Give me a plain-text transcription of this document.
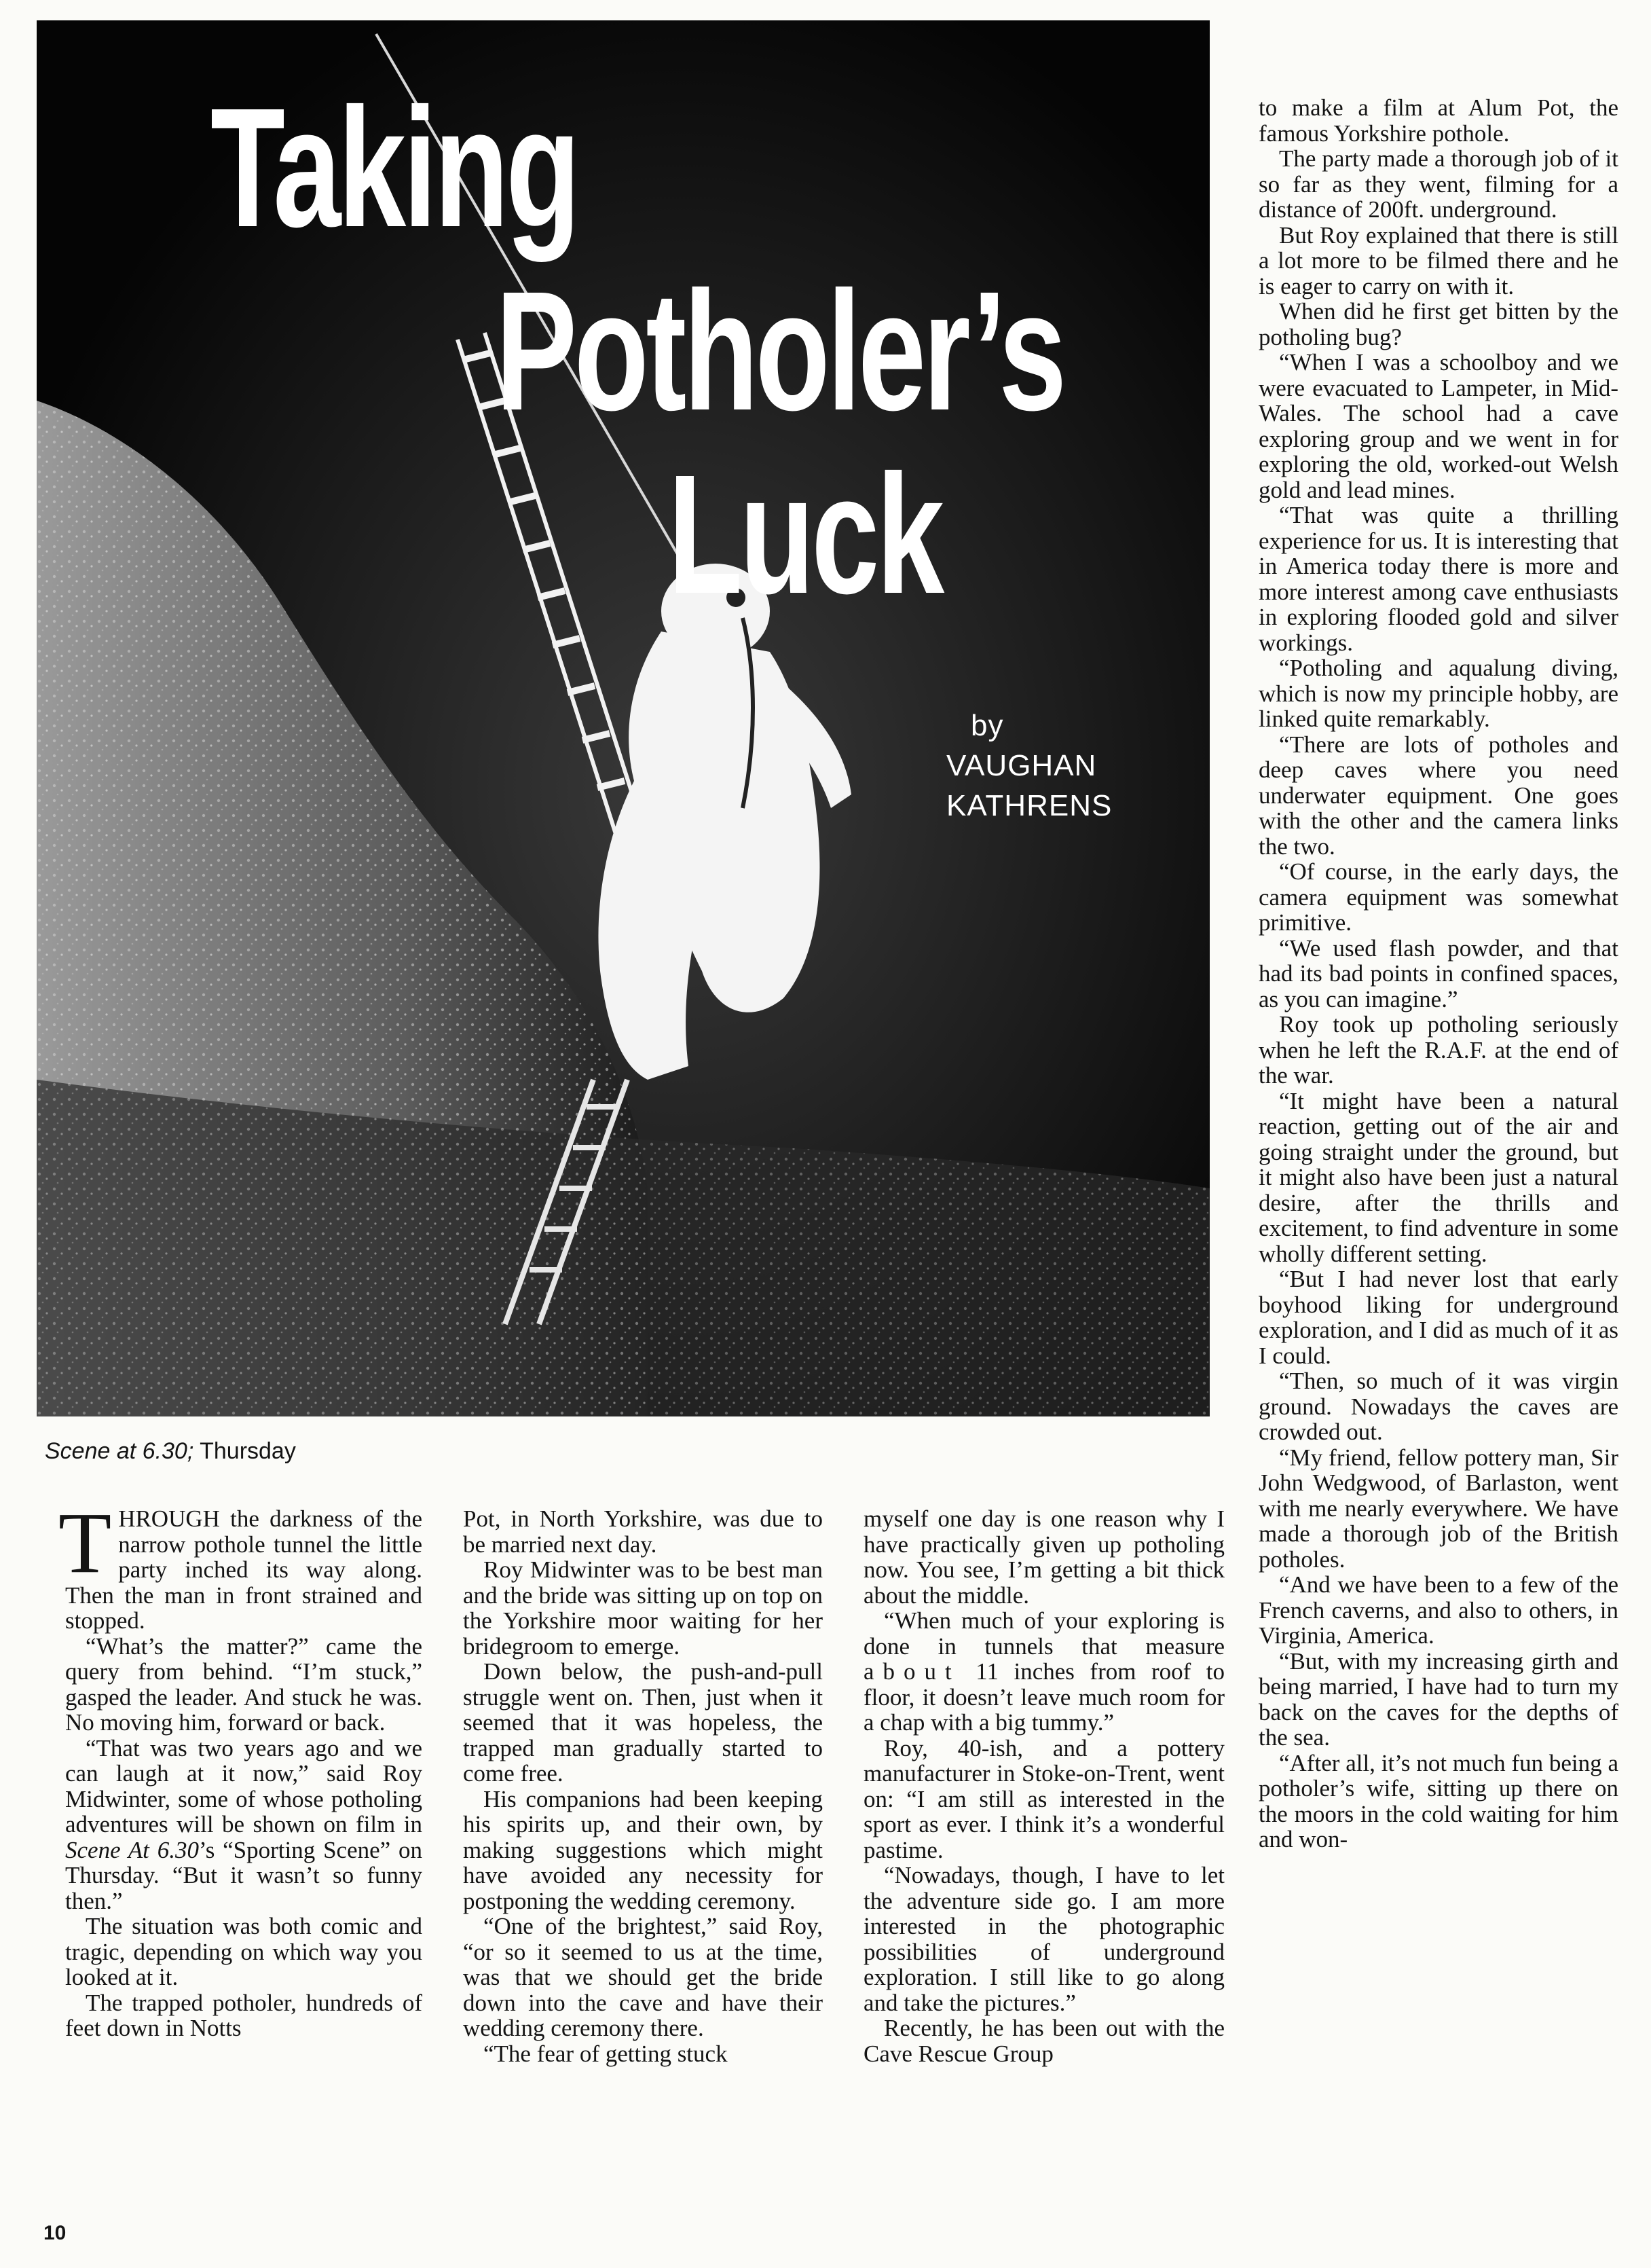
Taking
Potholer’s
Luck
by
VAUGHAN
KATHRENS
Scene at 6.30; Thursday

THROUGH the darkness of the narrow pothole tunnel the little party inched its way along. Then the man in front strained and stopped.

“What’s the matter?” came the query from behind. “I’m stuck,” gasped the leader. And stuck he was. No moving him, forward or back.

“That was two years ago and we can laugh at it now,” said Roy Midwinter, some of whose potholing adventures will be shown on film in Scene At 6.30’s “Sporting Scene” on Thursday. “But it wasn’t so funny then.”

The situation was both comic and tragic, depending on which way you looked at it.

The trapped potholer, hundreds of feet down in Notts

Pot, in North Yorkshire, was due to be married next day.

Roy Midwinter was to be best man and the bride was sitting up on top on the Yorkshire moor waiting for her bridegroom to emerge.

Down below, the push-and-pull struggle went on. Then, just when it seemed that it was hopeless, the trapped man gradually started to come free.

His companions had been keeping his spirits up, and their own, by making suggestions which might have avoided any necessity for postponing the wedding ceremony.

“One of the brightest,” said Roy, “or so it seemed to us at the time, was that we should get the bride down into the cave and have their wedding ceremony there.

“The fear of getting stuck

myself one day is one reason why I have practically given up potholing now. You see, I’m getting a bit thick about the middle.

“When much of your exploring is done in tunnels that measure about 11 inches from roof to floor, it doesn’t leave much room for a chap with a big tummy.”

Roy, 40-ish, and a pottery manufacturer in Stoke-on-Trent, went on: “I am still as interested in the sport as ever. I think it’s a wonderful pastime.

“Nowadays, though, I have to let the adventure side go. I am more interested in the photographic possibilities of underground exploration. I still like to go along and take the pictures.”

Recently, he has been out with the Cave Rescue Group

to make a film at Alum Pot, the famous Yorkshire pothole.

The party made a thorough job of it so far as they went, filming for a distance of 200ft. underground.

But Roy explained that there is still a lot more to be filmed there and he is eager to carry on with it.

When did he first get bitten by the potholing bug?

“When I was a schoolboy and we were evacuated to Lampeter, in Mid-Wales. The school had a cave exploring group and we went in for exploring the old, worked-out Welsh gold and lead mines.

“That was quite a thrilling experience for us. It is interesting that in America today there is more and more interest among cave enthusiasts in exploring flooded gold and silver workings.

“Potholing and aqualung diving, which is now my principle hobby, are linked quite remarkably.

“There are lots of potholes and deep caves where you need underwater equipment. One goes with the other and the camera links the two.

“Of course, in the early days, the camera equipment was somewhat primitive.

“We used flash powder, and that had its bad points in confined spaces, as you can imagine.”

Roy took up potholing seriously when he left the R.A.F. at the end of the war.

“It might have been a natural reaction, getting out of the air and going straight under the ground, but it might also have been just a natural desire, after the thrills and excitement, to find adventure in some wholly different setting.

“But I had never lost that early boyhood liking for underground exploration, and I did as much of it as I could.

“Then, so much of it was virgin ground. Nowadays the caves are crowded out.

“My friend, fellow pottery man, Sir John Wedgwood, of Barlaston, went with me nearly everywhere. We have made a thorough job of the British potholes.

“And we have been to a few of the French caverns, and also to others, in Virginia, America.

“But, with my increasing girth and being married, I have had to turn my back on the caves for the depths of the sea.

“After all, it’s not much fun being a potholer’s wife, sitting up there on the moors in the cold waiting for him and won-

10
